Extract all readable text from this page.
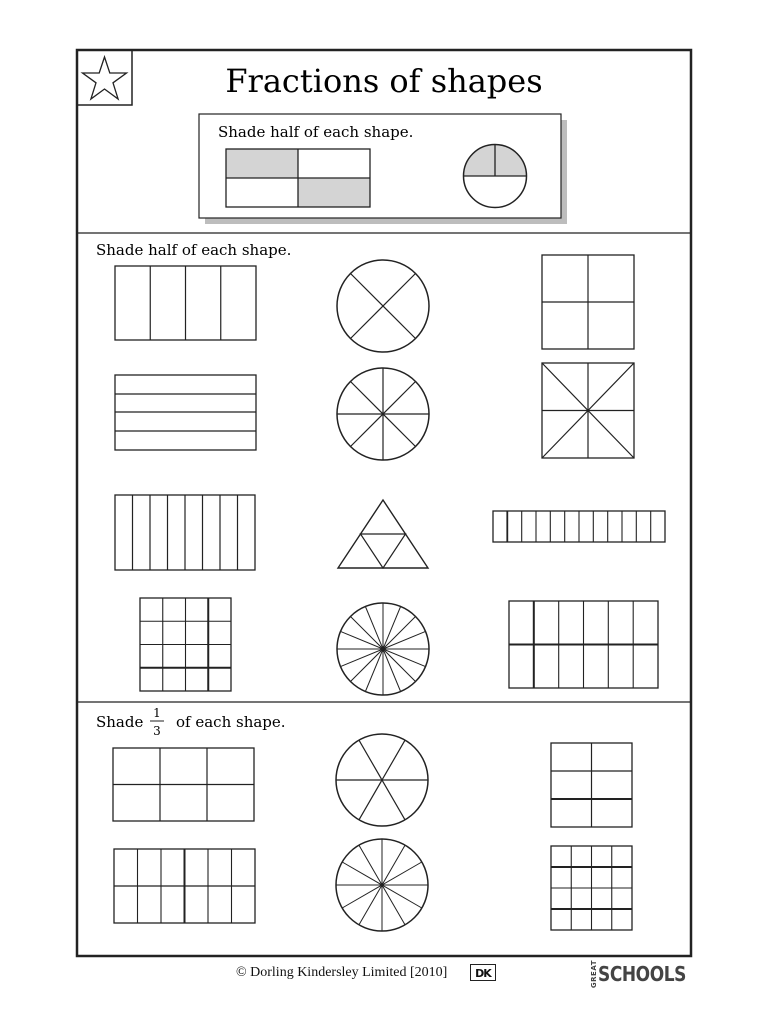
Fractions of shapes
Shade half of each shape.
Shade half of each shape.
Shade 1
3 of each shape.
© Dorling Kindersley Limited [2010]	DK	GREATSCHOOLS
